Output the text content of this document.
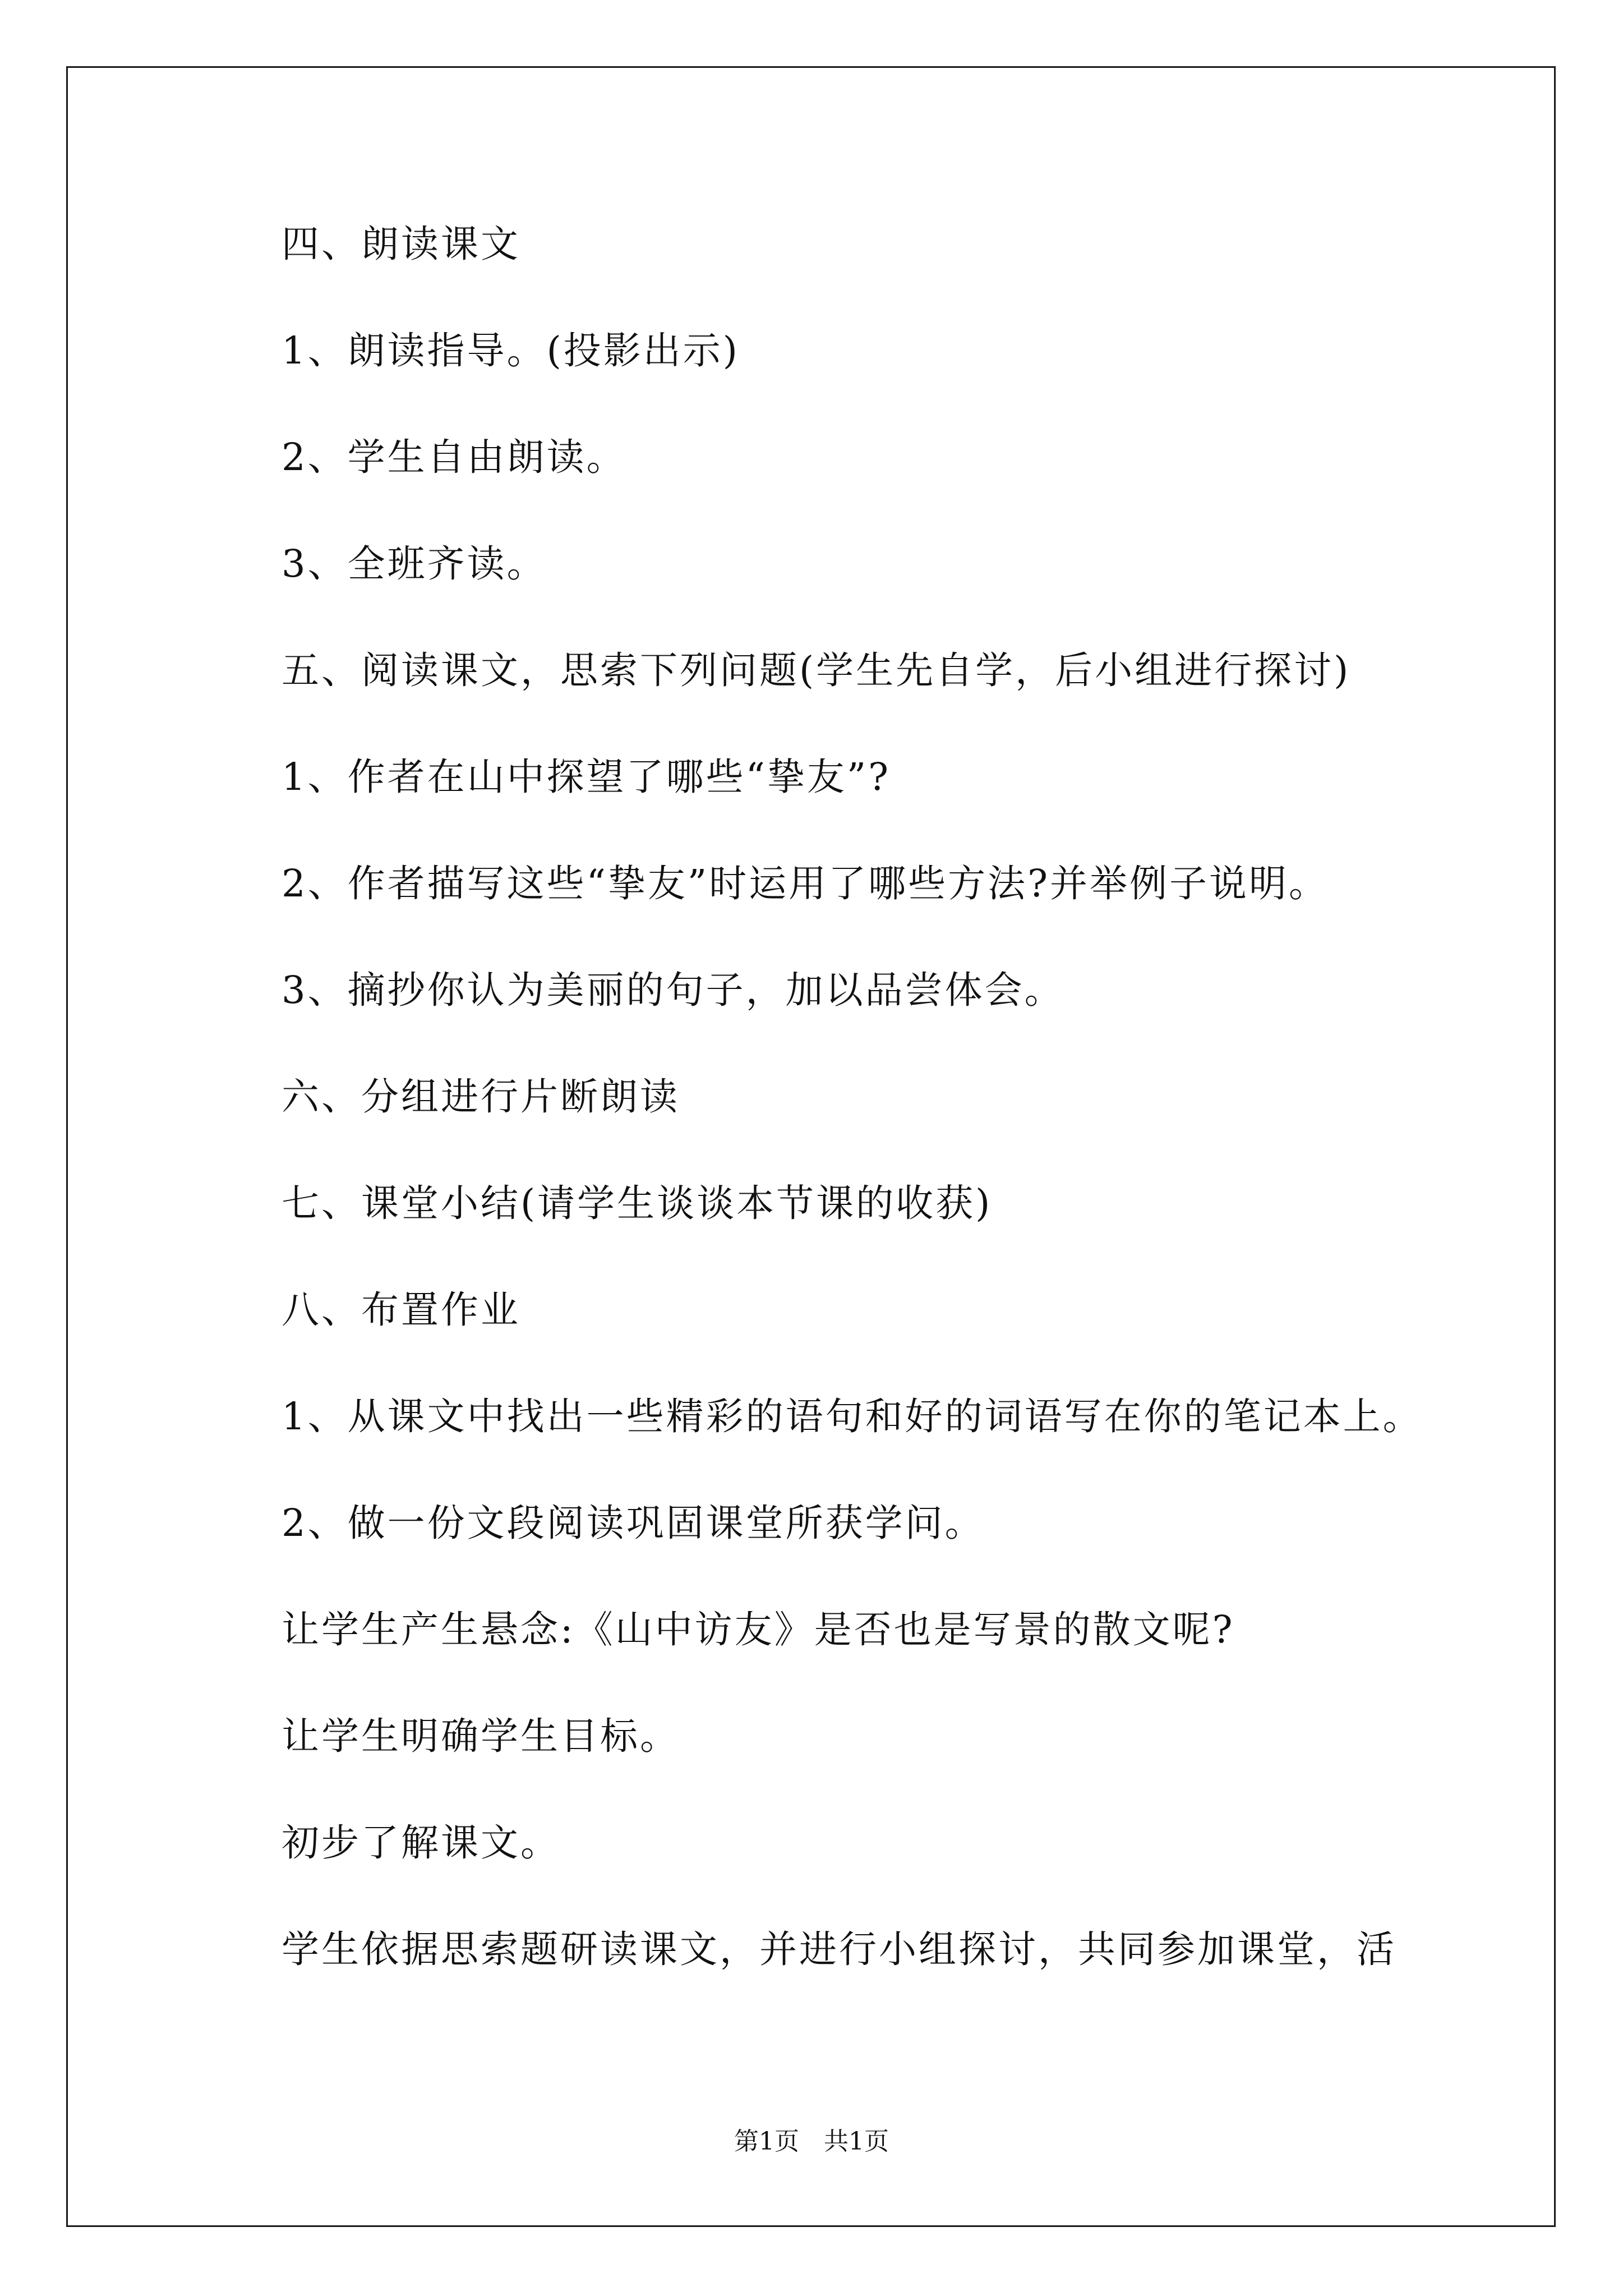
四、朗读课文
1、朗读指导。(投影出示)
2、学生自由朗读。
3、全班齐读。
五、阅读课文，思索下列问题(学生先自学，后小组进行探讨)
1、作者在山中探望了哪些“挚友”?
2、作者描写这些“挚友”时运用了哪些方法?并举例子说明。
3、摘抄你认为美丽的句子，加以品尝体会。
六、分组进行片断朗读
七、课堂小结(请学生谈谈本节课的收获)
八、布置作业
1、从课文中找出一些精彩的语句和好的词语写在你的笔记本上。
2、做一份文段阅读巩固课堂所获学问。
让学生产生悬念:《山中访友》是否也是写景的散文呢?
让学生明确学生目标。
初步了解课文。
学生依据思索题研读课文，并进行小组探讨，共同参加课堂，活
第1页　共1页
